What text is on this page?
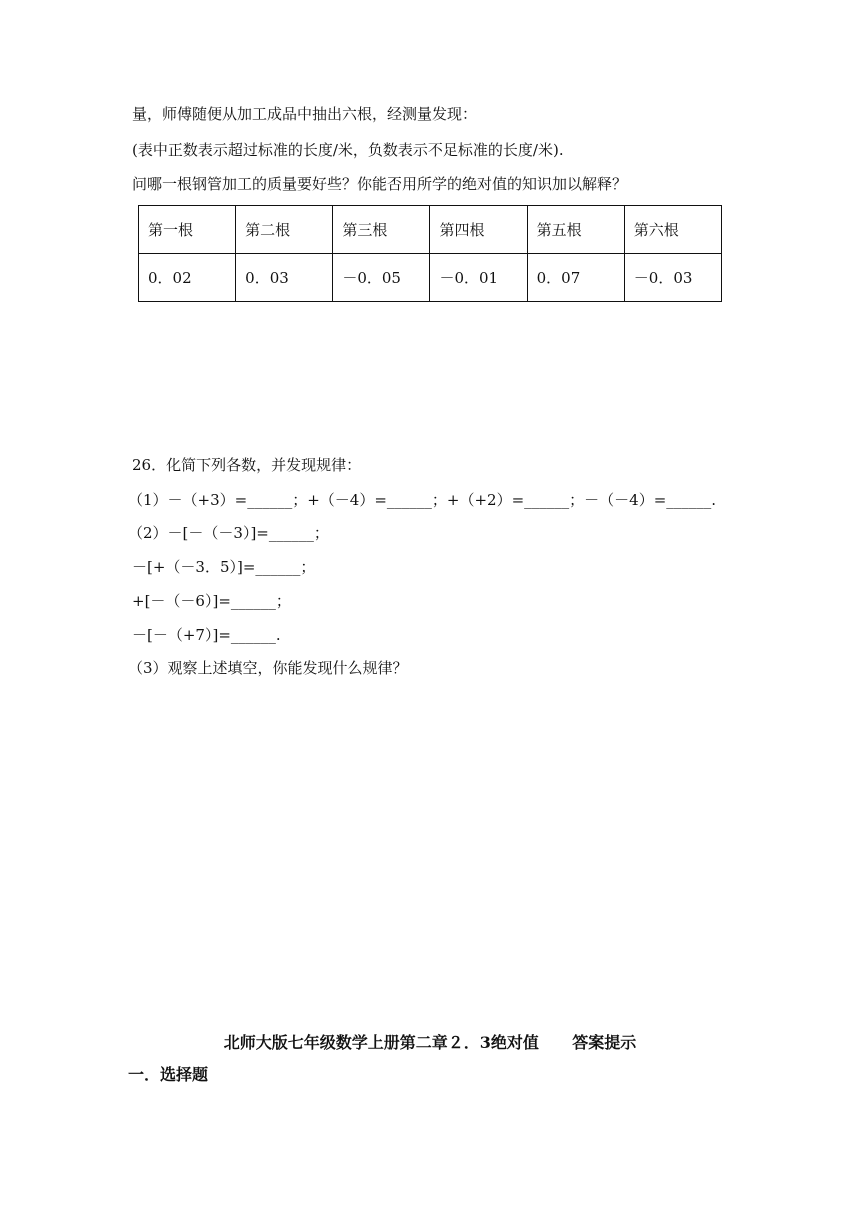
量，师傅随便从加工成品中抽出六根，经测量发现：
(表中正数表示超过标准的长度/米，负数表示不足标准的长度/米).
问哪一根钢管加工的质量要好些？你能否用所学的绝对值的知识加以解释？
第一根	第二根	第三根	第四根	第五根	第六根
0．02	0．03	－0．05	－0．01	0．07	－0．03
26．化简下列各数，并发现规律：
（1）－（+3）=______；+（－4）=______；+（+2）=______；－（－4）=______.
（2）－[－（－3）]=______；
－[+（－3．5）]=______；
+[－（－6）]=______；
－[－（+7）]=______.
（3）观察上述填空，你能发现什么规律？
北师大版七年级数学上册第二章２．3绝对值      答案提示
一．选择题
